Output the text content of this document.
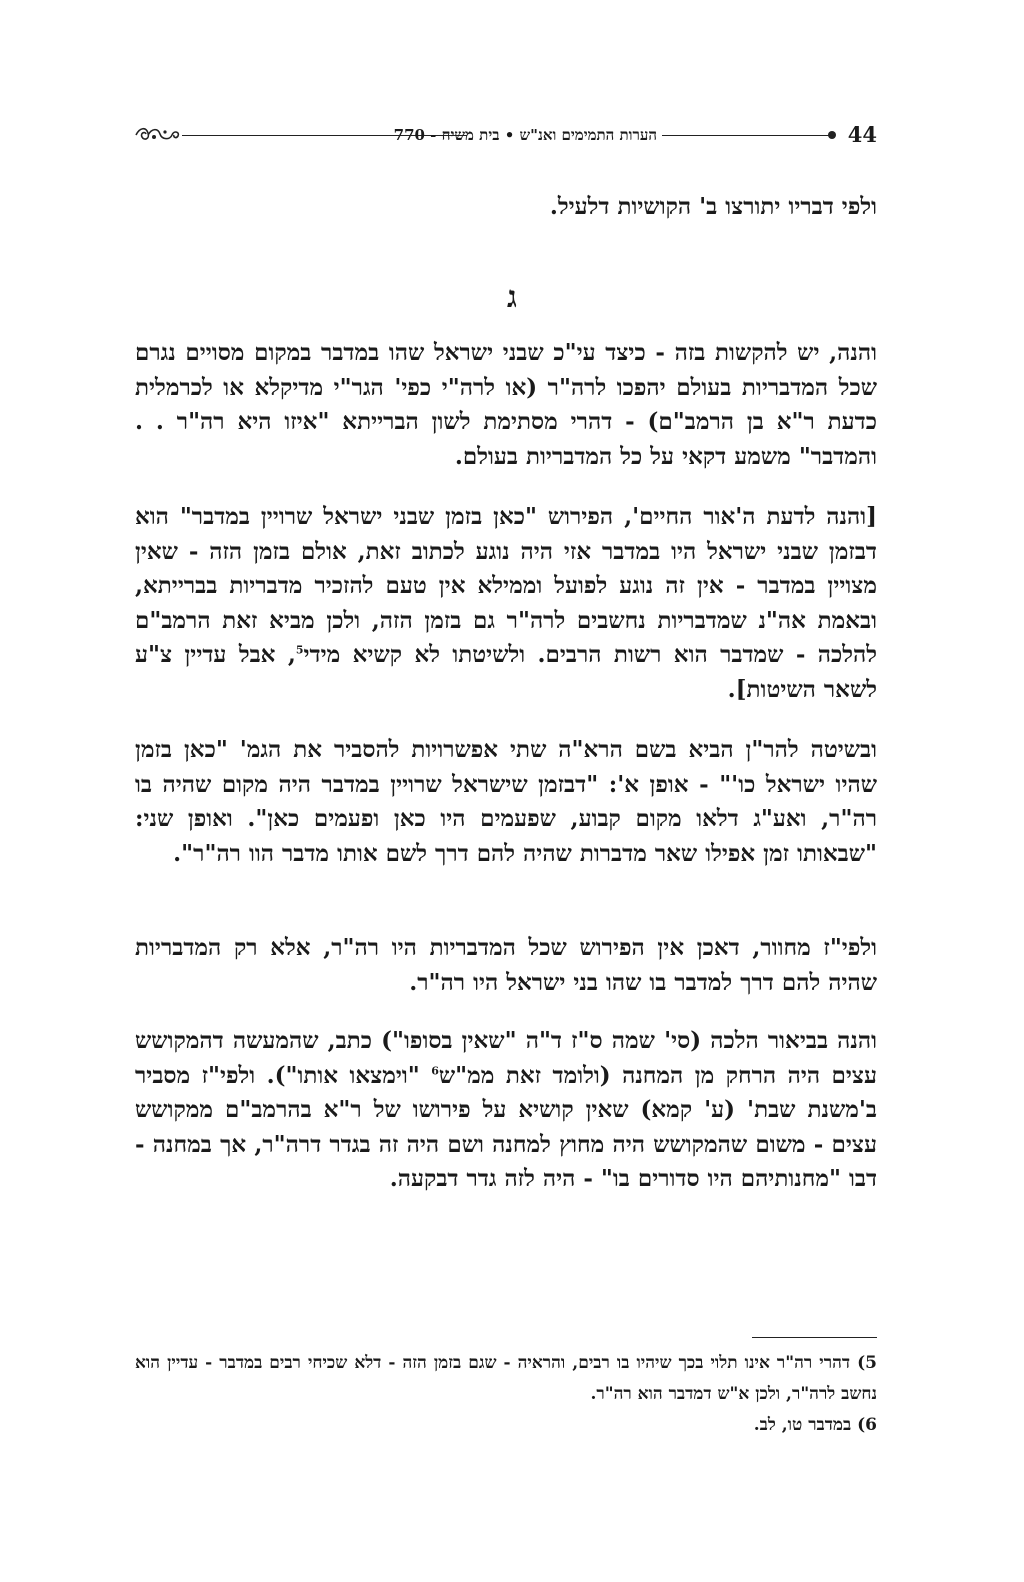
הערות התמימים ואנ"ש • בית משיח - 770	44

ולפי דבריו יתורצו ב' הקושיות דלעיל.

ג

והנה, יש להקשות בזה - כיצד עי"כ שבני ישראל שהו במדבר במקום מסויים נגרם שכל המדבריות בעולם יהפכו לרה"ר (או לרה"י כפי' הגר"י מדיקלא או לכרמלית כדעת ר"א בן הרמב"ם) - דהרי מסתימת לשון הברייתא "איזו היא רה"ר . . והמדבר" משמע דקאי על כל המדבריות בעולם.

[והנה לדעת ה'אור החיים', הפירוש "כאן בזמן שבני ישראל שרויין במדבר" הוא דבזמן שבני ישראל היו במדבר אזי היה נוגע לכתוב זאת, אולם בזמן הזה - שאין מצויין במדבר - אין זה נוגע לפועל וממילא אין טעם להזכיר מדבריות בברייתא, ובאמת אה"נ שמדבריות נחשבים לרה"ר גם בזמן הזה, ולכן מביא זאת הרמב"ם להלכה - שמדבר הוא רשות הרבים. ולשיטתו לא קשיא מידי$^5$, אבל עדיין צ"ע לשאר השיטות].

ובשיטה להר"ן הביא בשם הרא"ה שתי אפשרויות להסביר את הגמ' "כאן בזמן שהיו ישראל כו'" - אופן א': "דבזמן שישראל שרויין במדבר היה מקום שהיה בו רה"ר, ואע"ג דלאו מקום קבוע, שפעמים היו כאן ופעמים כאן". ואופן שני: "שבאותו זמן אפילו שאר מדברות שהיה להם דרך לשם אותו מדבר הוו רה"ר".

ולפי"ז מחוור, דאכן אין הפירוש שכל המדבריות היו רה"ר, אלא רק המדבריות שהיה להם דרך למדבר בו שהו בני ישראל היו רה"ר.

והנה בביאור הלכה (סי' שמה ס"ז ד"ה "שאין בסופו") כתב, שהמעשה דהמקושש עצים היה הרחק מן המחנה (ולומד זאת ממ"ש$^6$ "וימצאו אותו"). ולפי"ז מסביר ב'משנת שבת' (ע' קמא) שאין קושיא על פירושו של ר"א בהרמב"ם ממקושש עצים - משום שהמקושש היה מחוץ למחנה ושם היה זה בגדר דרה"ר, אך במחנה - דבו "מחנותיהם היו סדורים בו" - היה לזה גדר דבקעה.

5) דהרי רה"ר אינו תלוי בכך שיהיו בו רבים, והראיה - שגם בזמן הזה - דלא שכיחי רבים במדבר - עדיין הוא נחשב לרה"ר, ולכן א"ש דמדבר הוא רה"ר.

6) במדבר טו, לב.
